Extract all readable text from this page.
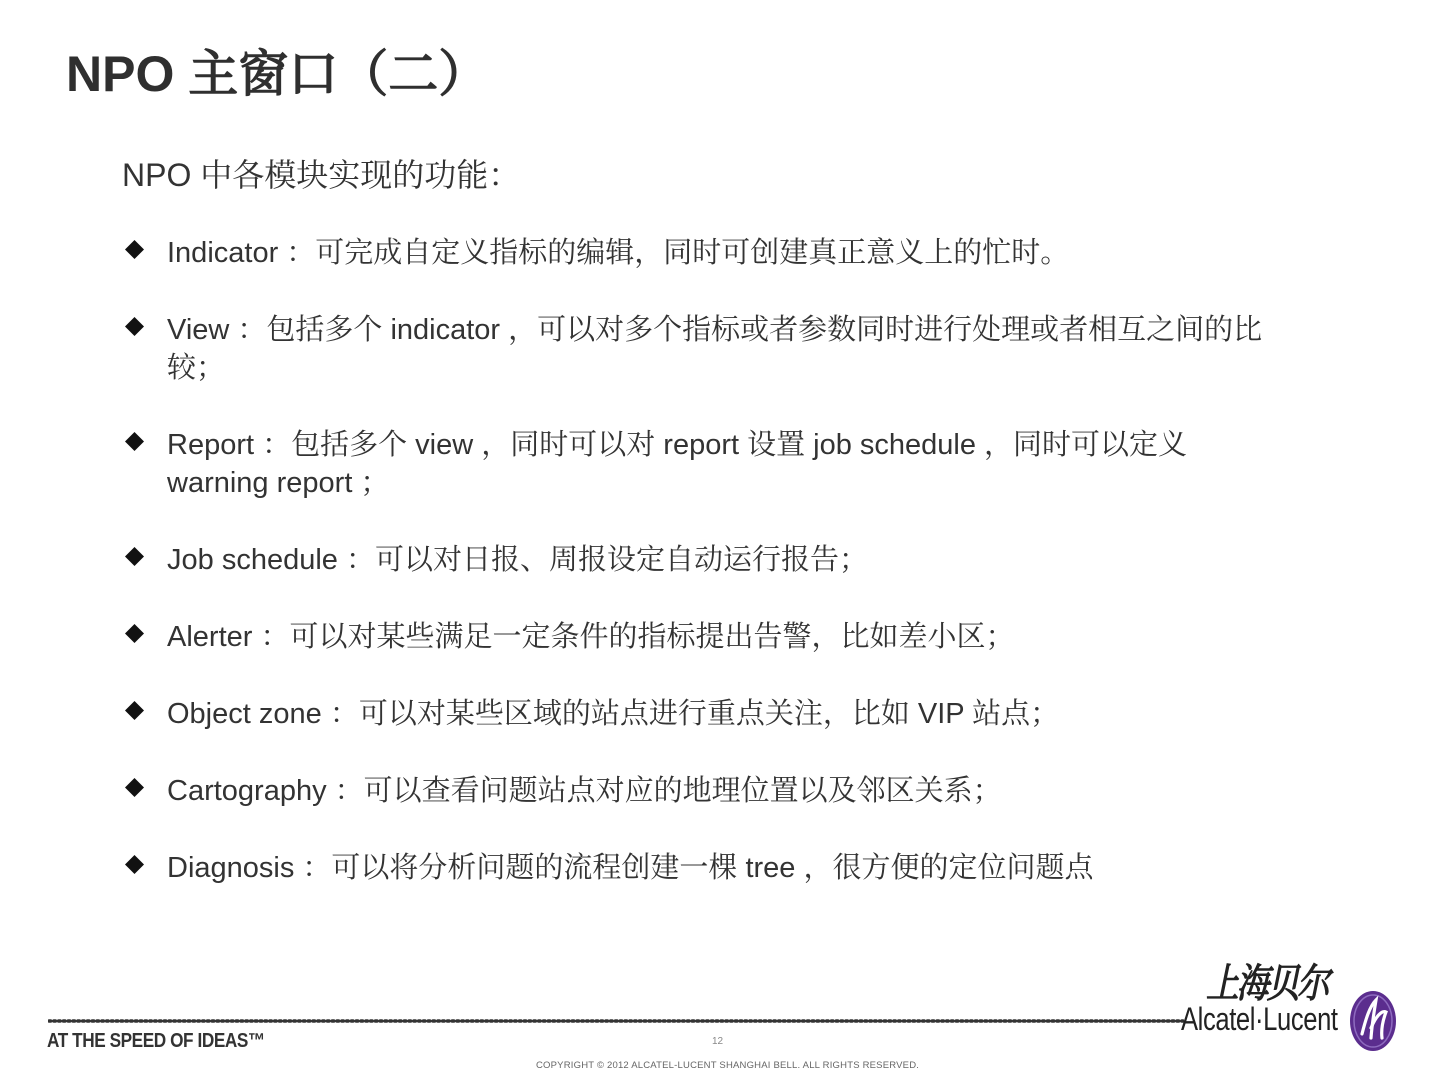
NPO 主窗口（二）
NPO 中各模块实现的功能：
Indicator ：可完成自定义指标的编辑，同时可创建真正意义上的忙时。
View ：包括多个 indicator ，可以对多个指标或者参数同时进行处理或者相互之间的比较；
Report ：包括多个 view ，同时可以对 report 设置 job schedule ，同时可以定义 warning report ；
Job schedule ：可以对日报、周报设定自动运行报告；
Alerter ：可以对某些满足一定条件的指标提出告警，比如差小区；
Object zone ：可以对某些区域的站点进行重点关注，比如 VIP 站点；
Cartography ：可以查看问题站点对应的地理位置以及邻区关系；
Diagnosis ：可以将分析问题的流程创建一棵 tree ，很方便的定位问题点
AT THE SPEED OF IDEAS™	12
COPYRIGHT © 2012 ALCATEL-LUCENT SHANGHAI BELL. ALL RIGHTS RESERVED.
上海贝尔
Alcatel·Lucent
